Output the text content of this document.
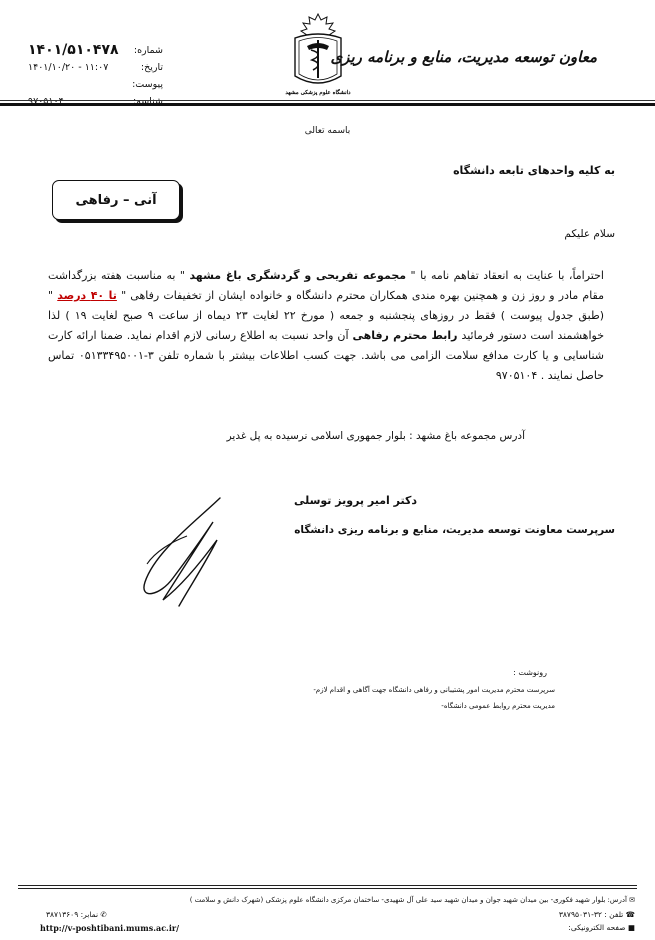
شماره:
۱۴۰۱/۵۱۰۴۷۸
تاریخ:
۱۴۰۱/۱۰/۲۰ - ۱۱:۰۷
پیوست:
شناسه:
۹۷۰۵۱۰۴
دانشگاه علوم پزشکی مشهد
معاون توسعه مدیریت، منابع و برنامه ریزی
باسمه تعالی
به کلیه واحدهای تابعه دانشگاه
آنی – رفاهی
سلام علیکم
احتراماً، با عنایت به انعقاد تفاهم نامه با " مجموعه تفریحی و گردشگری باغ مشهد " به مناسبت هفته بزرگداشت مقام مادر و روز زن و همچنین بهره مندی همکاران محترم دانشگاه و خانواده ایشان از تخفیفات رفاهی " تا ۴۰ درصد " (طبق جدول پیوست ) فقط در روزهای پنجشنبه و جمعه ( مورخ ۲۲ لغایت ۲۳ دیماه از ساعت ۹ صبح لغایت ۱۹ ) لذا خواهشمند است دستور فرمائید رابط محترم رفاهی آن واحد نسبت به اطلاع رسانی لازم اقدام نماید. ضمنا ارائه کارت شناسایی و یا کارت مدافع سلامت الزامی می باشد. جهت کسب اطلاعات بیشتر با شماره تلفن ۳-۰۵۱۳۳۴۹۵۰۰۱ تماس حاصل نمایند . ۹۷۰۵۱۰۴
آدرس مجموعه باغ مشهد : بلوار جمهوری اسلامی نرسیده به پل غدیر
دکتر امیر پرویز توسلی
سرپرست معاونت توسعه مدیریت، منابع و برنامه ریزی دانشگاه
رونوشت :
سرپرست محترم مدیریت امور پشتیبانی و رفاهی دانشگاه جهت آگاهی و اقدام لازم-
مدیریت محترم روابط عمومی دانشگاه-
✉ آدرس: بلوار شهید فکوری- بین میدان شهید جوان و میدان شهید سید علی آل شهیدی- ساختمان مرکزی دانشگاه علوم پزشکی (شهرک دانش و سلامت )
☎ تلفن : ۳۲-۳۸۷۹۵۰۳۱
✆ نمابر: ۳۸۷۱۳۶۰۹
■ صفحه الکترونیکی:
http://v-poshtibani.mums.ac.ir/
